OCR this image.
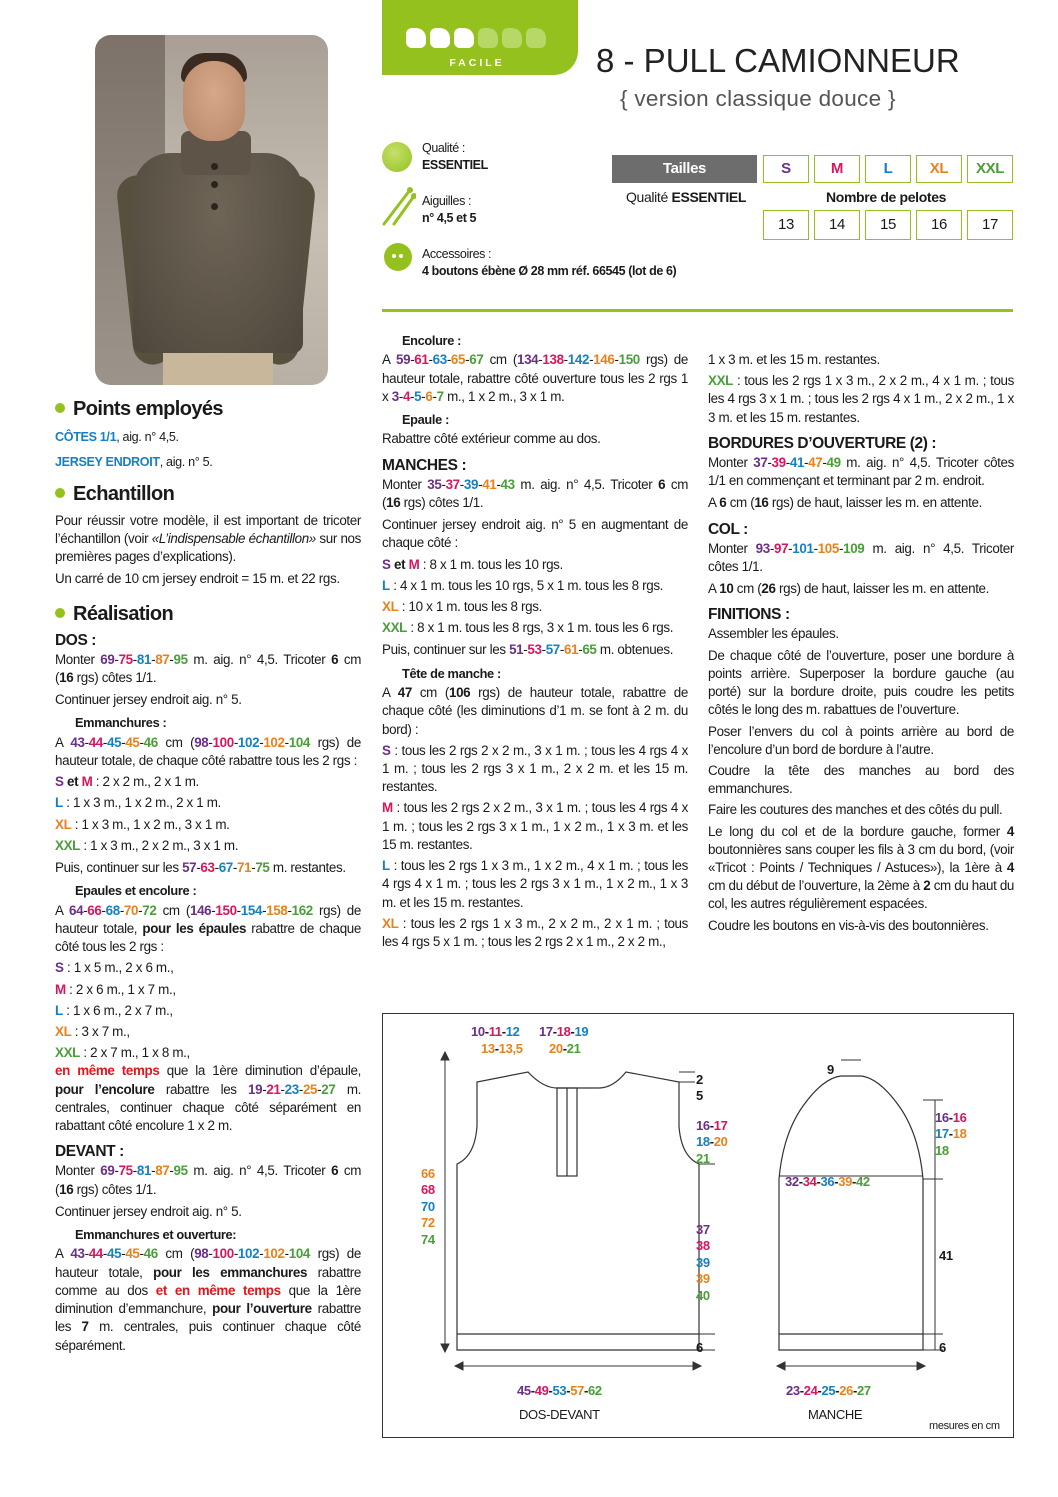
FACILE	8 - PULL CAMIONNEUR
{ version classique douce }
Qualité :
ESSENTIEL
Aiguilles :
n° 4,5 et 5
Accessoires :
4 boutons ébène Ø 28 mm réf. 66545 (lot de 6)
Tailles	S	M	L	XL	XXL
Qualité ESSENTIEL	Nombre de pelotes
13	14	15	16	17
Points employés

CÔTES 1/1, aig. n° 4,5.

JERSEY ENDROIT, aig. n° 5.

Echantillon

Pour réussir votre modèle, il est important de tricoter l’échantillon (voir «L’indispensable échantillon» sur nos premières pages d’explications).

Un carré de 10 cm jersey endroit = 15 m. et 22 rgs.

Réalisation
DOS :

Monter 69-75-81-87-95 m. aig. n° 4,5. Tricoter 6 cm (16 rgs) côtes 1/1.

Continuer jersey endroit aig. n° 5.

Emmanchures :

A 43-44-45-45-46 cm (98-100-102-102-104 rgs) de hauteur totale, de chaque côté rabattre tous les 2 rgs :

S et M : 2 x 2 m., 2 x 1 m.

L : 1 x 3 m., 1 x 2 m., 2 x 1 m.

XL : 1 x 3 m., 1 x 2 m., 3 x 1 m.

XXL : 1 x 3 m., 2 x 2 m., 3 x 1 m.

Puis, continuer sur les 57-63-67-71-75 m. restantes.

Epaules et encolure :

A 64-66-68-70-72 cm (146-150-154-158-162 rgs) de hauteur totale, pour les épaules rabattre de chaque côté tous les 2 rgs :

S : 1 x 5 m., 2 x 6 m.,

M : 2 x 6 m., 1 x 7 m.,

L : 1 x 6 m., 2 x 7 m.,

XL : 3 x 7 m.,

XXL : 2 x 7 m., 1 x 8 m.,

en même temps que la 1ère diminution d’épaule, pour l’encolure rabattre les 19-21-23-25-27 m. centrales, continuer chaque côté séparément en rabattant côté encolure 1 x 2 m.

DEVANT :

Monter 69-75-81-87-95 m. aig. n° 4,5. Tricoter 6 cm (16 rgs) côtes 1/1.

Continuer jersey endroit aig. n° 5.

Emmanchures et ouverture:

A 43-44-45-45-46 cm (98-100-102-102-104 rgs) de hauteur totale, pour les emmanchures rabattre comme au dos et en même temps que la 1ère diminution d’emmanchure, pour l’ouverture rabattre les 7 m. centrales, puis continuer chaque côté séparément.

Encolure :

A 59-61-63-65-67 cm (134-138-142-146-150 rgs) de hauteur totale, rabattre côté ouverture tous les 2 rgs 1 x 3-4-5-6-7 m., 1 x 2 m., 3 x 1 m.

Epaule :

Rabattre côté extérieur comme au dos.

MANCHES :

Monter 35-37-39-41-43 m. aig. n° 4,5. Tricoter 6 cm (16 rgs) côtes 1/1.

Continuer jersey endroit aig. n° 5 en augmentant de chaque côté :

S et M : 8 x 1 m. tous les 10 rgs.

L : 4 x 1 m. tous les 10 rgs, 5 x 1 m. tous les 8 rgs.

XL : 10 x 1 m. tous les 8 rgs.

XXL : 8 x 1 m. tous les 8 rgs, 3 x 1 m. tous les 6 rgs.

Puis, continuer sur les 51-53-57-61-65 m. obtenues.

Tête de manche :

A 47 cm (106 rgs) de hauteur totale, rabattre de chaque côté (les diminutions d’1 m. se font à 2 m. du bord) :

S : tous les 2 rgs 2 x 2 m., 3 x 1 m. ; tous les 4 rgs 4 x 1 m. ; tous les 2 rgs 3 x 1 m., 2 x 2 m. et les 15 m. restantes.

M : tous les 2 rgs 2 x 2 m., 3 x 1 m. ; tous les 4 rgs 4 x 1 m. ; tous les 2 rgs 3 x 1 m., 1 x 2 m., 1 x 3 m. et les 15 m. restantes.

L : tous les 2 rgs 1 x 3 m., 1 x 2 m., 4 x 1 m. ; tous les 4 rgs 4 x 1 m. ; tous les 2 rgs 3 x 1 m., 1 x 2 m., 1 x 3 m. et les 15 m. restantes.

XL : tous les 2 rgs 1 x 3 m., 2 x 2 m., 2 x 1 m. ; tous les 4 rgs 5 x 1 m. ; tous les 2 rgs 2 x 1 m., 2 x 2 m.,

1 x 3 m. et les 15 m. restantes.

XXL : tous les 2 rgs 1 x 3 m., 2 x 2 m., 4 x 1 m. ; tous les 4 rgs 3 x 1 m. ; tous les 2 rgs 4 x 1 m., 2 x 2 m., 1 x 3 m. et les 15 m. restantes.

BORDURES D’OUVERTURE (2) :

Monter 37-39-41-47-49 m. aig. n° 4,5. Tricoter côtes 1/1 en commençant et terminant par 2 m. endroit.

A 6 cm (16 rgs) de haut, laisser les m. en attente.

COL :

Monter 93-97-101-105-109 m. aig. n° 4,5. Tricoter côtes 1/1.

A 10 cm (26 rgs) de haut, laisser les m. en attente.

FINITIONS :

Assembler les épaules.

De chaque côté de l’ouverture, poser une bordure à points arrière. Superposer la bordure gauche (au porté) sur la bordure droite, puis coudre les petits côtés le long des m. rabattues de l’ouverture.

Poser l’envers du col à points arrière au bord de l’encolure d’un bord de bordure à l’autre.

Coudre la tête des manches au bord des emmanchures.

Faire les coutures des manches et des côtés du pull.

Le long du col et de la bordure gauche, former 4 boutonnières sans couper les fils à 3 cm du bord, (voir «Tricot : Points / Techniques / Astuces»), la 1ère à 4 cm du début de l’ouverture, la 2ème à 2 cm du haut du col, les autres régulièrement espacées.

Coudre les boutons en vis-à-vis des boutonnières.

10-11-12
13-13,5
17-18-19
20-21
2
5
16-17
18-20
21
66
68
70
72
74
37
38
39
39
40
6
45-49-53-57-62
DOS-DEVANT
9
16-16
17-18
18
32-34-36-39-42
41
6
23-24-25-26-27
MANCHE
mesures en cm
